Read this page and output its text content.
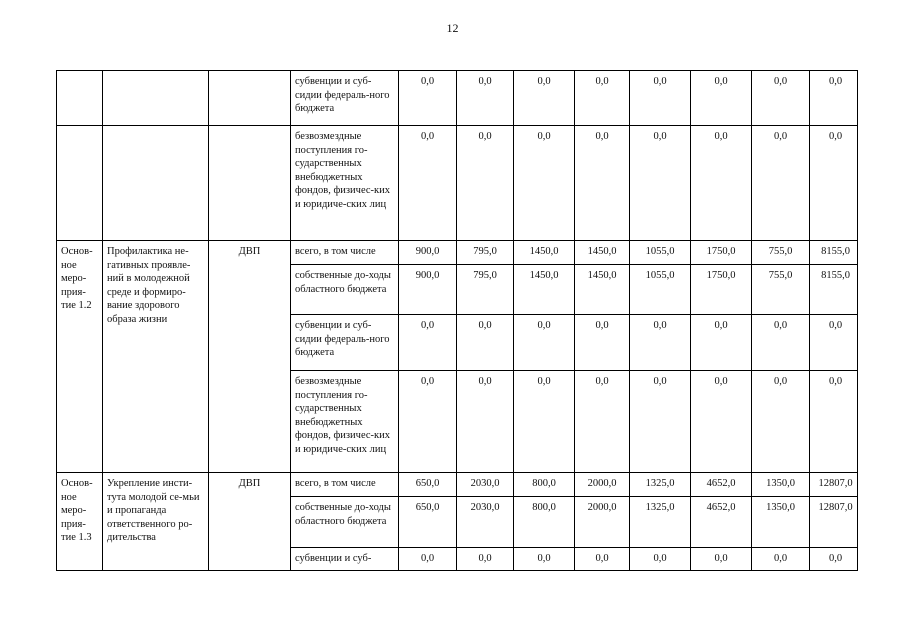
12
			субвенции и суб-сидии федераль-ного бюджета	0,0	0,0	0,0	0,0	0,0	0,0	0,0	0,0
			безвозмездные поступления го-сударственных внебюджетных фондов, физичес-ких и юридиче-ских лиц	0,0	0,0	0,0	0,0	0,0	0,0	0,0	0,0
Основ-ное меро-прия-тие 1.2	Профилактика не-гативных проявле-ний в молодежной среде и формиро-вание здорового образа жизни	ДВП	всего, в том числе	900,0	795,0	1450,0	1450,0	1055,0	1750,0	755,0	8155,0
			собственные до-ходы областного бюджета	900,0	795,0	1450,0	1450,0	1055,0	1750,0	755,0	8155,0
			субвенции и суб-сидии федераль-ного бюджета	0,0	0,0	0,0	0,0	0,0	0,0	0,0	0,0
			безвозмездные поступления го-сударственных внебюджетных фондов, физичес-ких и юридиче-ских лиц	0,0	0,0	0,0	0,0	0,0	0,0	0,0	0,0
Основ-ное меро-прия-тие 1.3	Укрепление инсти-тута молодой се-мьи и пропаганда ответственного ро-дительства	ДВП	всего, в том числе	650,0	2030,0	800,0	2000,0	1325,0	4652,0	1350,0	12807,0
			собственные до-ходы областного бюджета	650,0	2030,0	800,0	2000,0	1325,0	4652,0	1350,0	12807,0
			субвенции и суб-	0,0	0,0	0,0	0,0	0,0	0,0	0,0	0,0
